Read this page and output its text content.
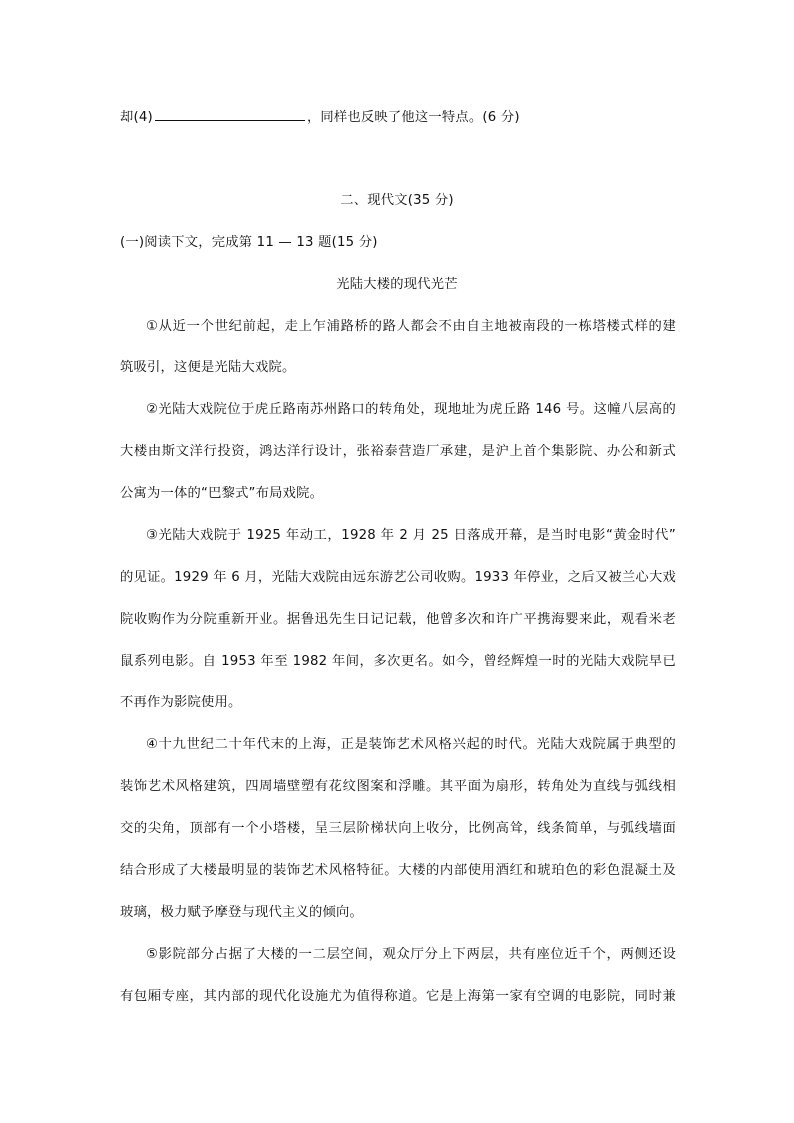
却(4)	，同样也反映了他这一特点。(6 分)
二、现代文(35 分)
(一)阅读下文，完成第 11 — 13 题(15 分)
光陆大楼的现代光芒
①从近一个世纪前起，走上乍浦路桥的路人都会不由自主地被南段的一栋塔楼式样的建
筑吸引，这便是光陆大戏院。
②光陆大戏院位于虎丘路南苏州路口的转角处，现地址为虎丘路 146 号。这幢八层高的
大楼由斯文洋行投资，鸿达洋行设计，张裕泰营造厂承建，是沪上首个集影院、办公和新式
公寓为一体的“巴黎式”布局戏院。
③光陆大戏院于 1925 年动工，1928 年 2 月 25 日落成开幕，是当时电影“黄金时代”
的见证。1929 年 6 月，光陆大戏院由远东游艺公司收购。1933 年停业，之后又被兰心大戏
院收购作为分院重新开业。据鲁迅先生日记记载，他曾多次和许广平携海婴来此，观看米老
鼠系列电影。自 1953 年至 1982 年间，多次更名。如今，曾经辉煌一时的光陆大戏院早已
不再作为影院使用。
④十九世纪二十年代末的上海，正是装饰艺术风格兴起的时代。光陆大戏院属于典型的
装饰艺术风格建筑，四周墙壁塑有花纹图案和浮雕。其平面为扇形，转角处为直线与弧线相
交的尖角，顶部有一个小塔楼，呈三层阶梯状向上收分，比例高耸，线条简单，与弧线墙面
结合形成了大楼最明显的装饰艺术风格特征。大楼的内部使用酒红和琥珀色的彩色混凝土及
玻璃，极力赋予摩登与现代主义的倾向。
⑤影院部分占据了大楼的一二层空间，观众厅分上下两层，共有座位近千个，两侧还设
有包厢专座，其内部的现代化设施尤为值得称道。它是上海第一家有空调的电影院，同时兼
